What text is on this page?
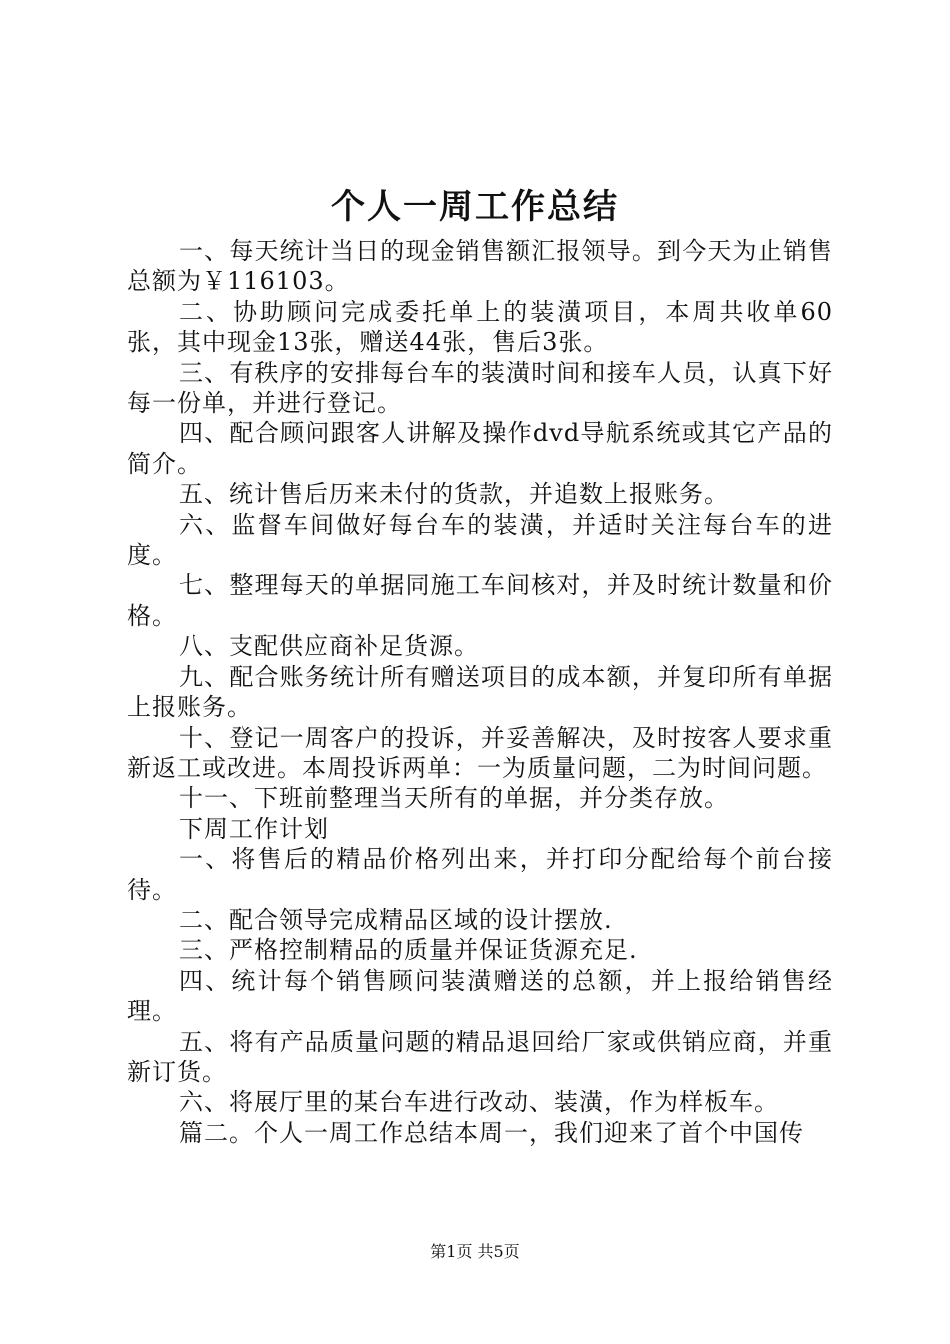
个人一周工作总结

一、每天统计当日的现金销售额汇报领导。到今天为止销售总额为￥116103。

二、协助顾问完成委托单上的装潢项目，本周共收单60张，其中现金13张，赠送44张，售后3张。

三、有秩序的安排每台车的装潢时间和接车人员，认真下好每一份单，并进行登记。

四、配合顾问跟客人讲解及操作dvd导航系统或其它产品的简介。

五、统计售后历来未付的货款，并追数上报账务。

六、监督车间做好每台车的装潢，并适时关注每台车的进度。

七、整理每天的单据同施工车间核对，并及时统计数量和价格。

八、支配供应商补足货源。

九、配合账务统计所有赠送项目的成本额，并复印所有单据上报账务。

十、登记一周客户的投诉，并妥善解决，及时按客人要求重新返工或改进。本周投诉两单：一为质量问题，二为时间问题。

十一、下班前整理当天所有的单据，并分类存放。

下周工作计划

一、将售后的精品价格列出来，并打印分配给每个前台接待。

二、配合领导完成精品区域的设计摆放.

三、严格控制精品的质量并保证货源充足.

四、统计每个销售顾问装潢赠送的总额，并上报给销售经理。

五、将有产品质量问题的精品退回给厂家或供销应商，并重新订货。

六、将展厅里的某台车进行改动、装潢，作为样板车。

篇二。个人一周工作总结本周一，我们迎来了首个中国传

第1页 共5页
